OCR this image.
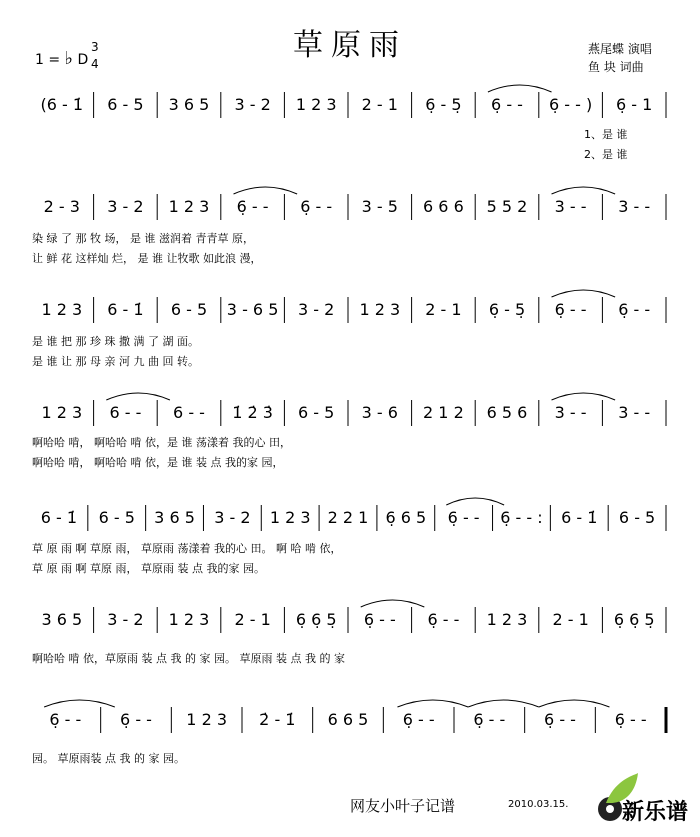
草原雨
1 = ♭ D
3
4
燕尾蝶 演唱
鱼 块 词曲
(6 - 1̇ 6 - 5 3 6 5 3 - 2 1 2 3 2 - 1 6̣ - 5̣ 6̣ - - 6̣ - - ) 6̣ - 1
2 - 3 3 - 2 1 2 3 6̣ - - 6̣ - - 3 - 5 6 6 6 5 5 2 3 - - 3 - -
1 2 3 6 - 1̇ 6 - 5 3 - 6 5 3 - 2 1 2 3 2 - 1 6̣ - 5̣ 6̣ - - 6̣ - -
1 2 3 6 - - 6 - - 1̇ 2̇ 3̇ 6 - 5 3 - 6 2 1 2 6 5 6 3 - - 3 - -
6 - 1̇ 6 - 5 3 6 5 3 - 2 1 2 3 2 2 1 6̣ 6 5 6̣ - - 6̣ - - : 6 - 1̇ 6 - 5
3 6 5 3 - 2 1 2 3 2 - 1 6̣ 6̣ 5̣ 6̣ - - 6̣ - - 1 2 3 2 - 1 6̣ 6̣ 5̣
6̣ - - 6̣ - - 1 2 3 2̇ - 1̇ 6 6 5 6̣ - - 6̣ - - 6̣ - - 6̣ - -
1、是 谁
2、是 谁
染 绿 了 那 牧 场， 是 谁 滋润着 青青草 原，
让 鲜 花 这样灿 烂， 是 谁 让牧歌 如此浪 漫，
是 谁 把 那 珍 珠 撒 满 了 湖 面。
是 谁 让 那 母 亲 河 九 曲 回 转。
啊哈哈 啃， 啊哈哈 啃 依，是 谁 荡漾着 我的心 田，
啊哈哈 啃， 啊哈哈 啃 依，是 谁 装 点 我的家 园，
草 原 雨 啊 草原 雨， 草原雨 荡漾着 我的心 田。 啊 哈 啃 依，
草 原 雨 啊 草原 雨， 草原雨 装 点 我的家 园。
啊哈哈 啃 依，草原雨 装 点 我 的 家 园。 草原雨 装 点 我 的 家
园。 草原雨装 点 我 的 家 园。
网友小叶子记谱	2010.03.15. 新乐谱
